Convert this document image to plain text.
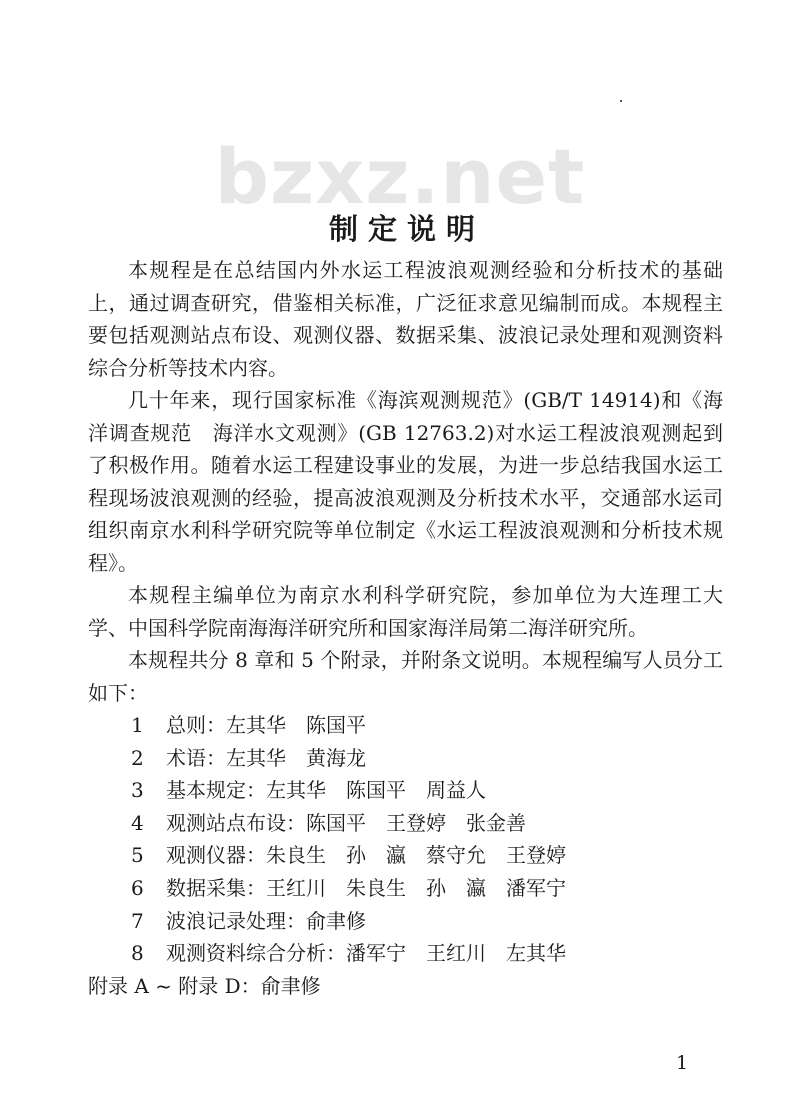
bzxz.net
制定说明

本规程是在总结国内外水运工程波浪观测经验和分析技术的基础上，通过调查研究，借鉴相关标准，广泛征求意见编制而成。本规程主要包括观测站点布设、观测仪器、数据采集、波浪记录处理和观测资料综合分析等技术内容。

几十年来，现行国家标准《海滨观测规范》(GB/T 14914)和《海洋调查规范　海洋水文观测》(GB 12763.2)对水运工程波浪观测起到了积极作用。随着水运工程建设事业的发展，为进一步总结我国水运工程现场波浪观测的经验，提高波浪观测及分析技术水平，交通部水运司组织南京水利科学研究院等单位制定《水运工程波浪观测和分析技术规程》。

本规程主编单位为南京水利科学研究院，参加单位为大连理工大学、中国科学院南海海洋研究所和国家海洋局第二海洋研究所。

本规程共分 8 章和 5 个附录，并附条文说明。本规程编写人员分工如下：

1 总则：左其华　陈国平
2 术语：左其华　黄海龙
3 基本规定：左其华　陈国平　周益人
4 观测站点布设：陈国平　王登婷　张金善
5 观测仪器：朱良生　孙　瀛　蔡守允　王登婷
6 数据采集：王红川　朱良生　孙　瀛　潘军宁
7 波浪记录处理：俞聿修
8 观测资料综合分析：潘军宁　王红川　左其华

附录 A ~ 附录 D：俞聿修

1
